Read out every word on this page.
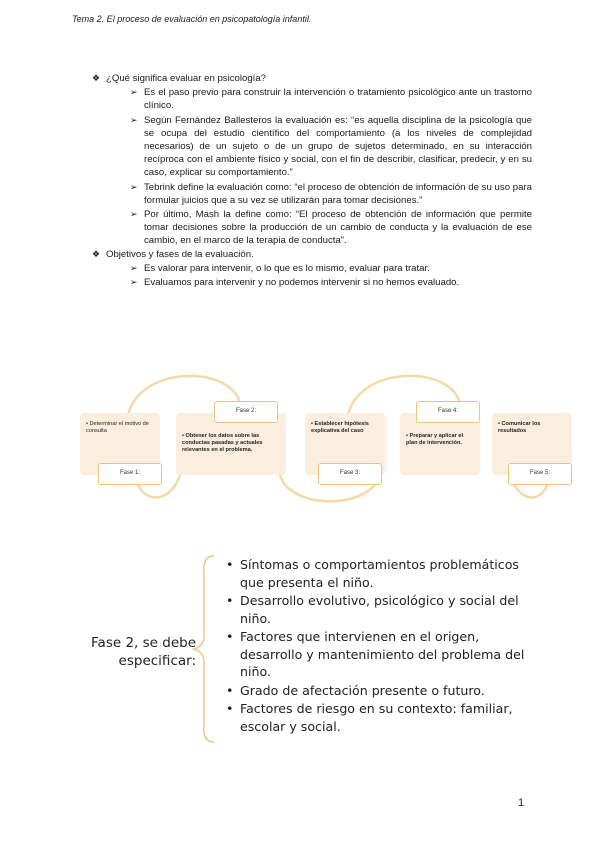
Tema 2. El proceso de evaluación en psicopatología infantil.
❖ ¿Qué significa evaluar en psicología?
➢ Es el paso previo para construir la intervención o tratamiento psicológico ante un trastorno clínico.
➢ Según Fernández Ballesteros la evaluación es: “es aquella disciplina de la psicología que se ocupa del estudio científico del comportamiento (a los niveles de complejidad necesarios) de un sujeto o de un grupo de sujetos determinado, en su interacción recíproca con el ambiente físico y social, con el fin de describir, clasificar, predecir, y en su caso, explicar su comportamiento.”
➢ Tebrink define la evaluación como: “el proceso de obtención de información de su uso para formular juicios que a su vez se utilizarán para tomar decisiones.”
➢ Por último, Mash la define como: “El proceso de obtención de información que permite tomar decisiones sobre la producción de un cambio de conducta y la evaluación de ese cambio, en el marco de la terapia de conducta”.
❖ Objetivos y fases de la evaluación.
➢ Es valorar para intervenir, o lo que es lo mismo, evaluar para tratar.
➢ Evaluamos para intervenir y no podemos intervenir si no hemos evaluado.
• Determinar el motivo de consulta
Fase 1:
• Obtener los datos sobre las conductas pasadas y actuales relevantes en el problema.
Fase 2:
• Establecer hipótesis explicativa del caso
Fase 3:
• Preparar y aplicar el plan de intervención.
Fase 4:
• Comunicar los resultados
Fase 5:
Fase 2, se debe
especificar:
• Síntomas o comportamientos problemáticos que presenta el niño.
• Desarrollo evolutivo, psicológico y social del niño.
• Factores que intervienen en el origen, desarrollo y mantenimiento del problema del niño.
• Grado de afectación presente o futuro.
• Factores de riesgo en su contexto: familiar, escolar y social.
1
